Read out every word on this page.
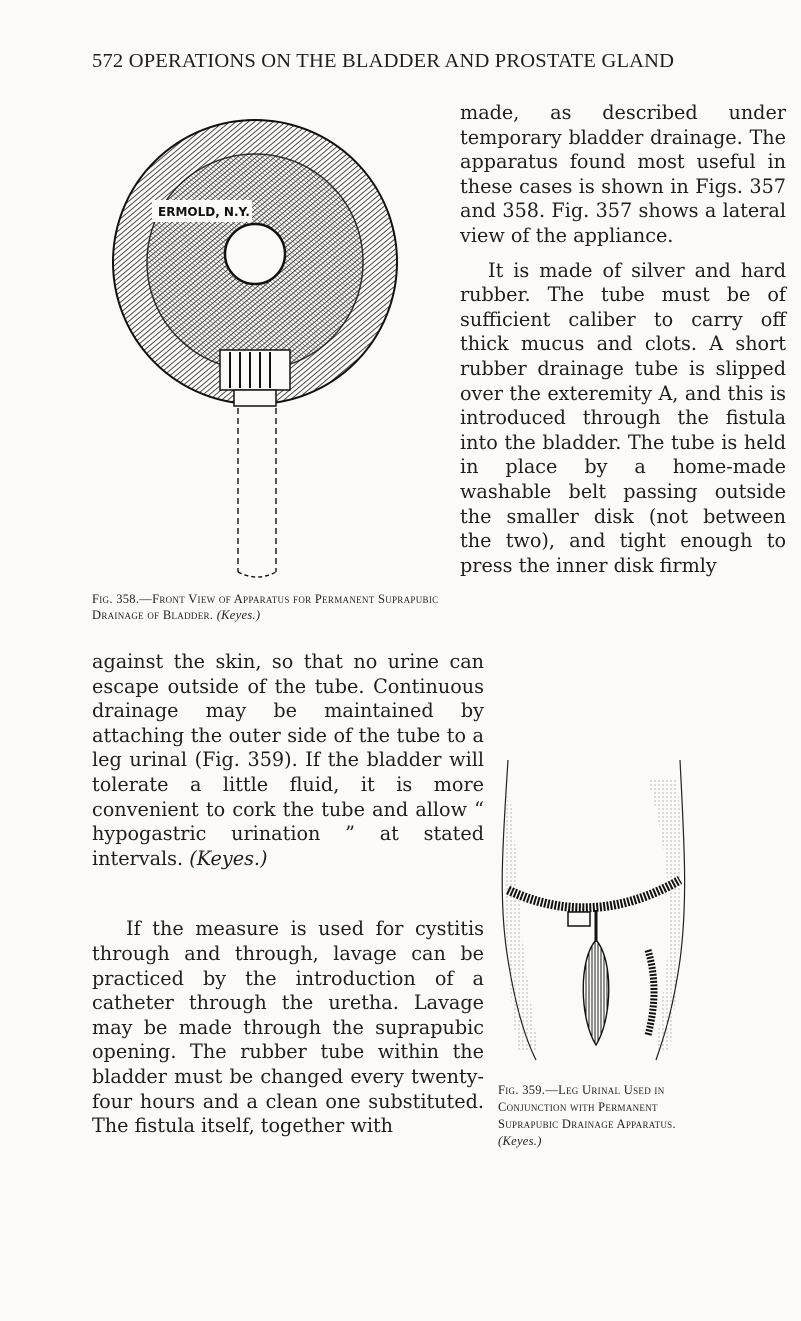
572 OPERATIONS ON THE BLADDER AND PROSTATE GLAND
ERMOLD, N.Y.
Fig. 358.—Front View of Apparatus for Permanent Suprapubic Drainage of Bladder. (Keyes.)

made, as described under temporary bladder drainage. The apparatus found most useful in these cases is shown in Figs. 357 and 358. Fig. 357 shows a lateral view of the appliance.

It is made of silver and hard rubber. The tube must be of sufficient caliber to carry off thick mucus and clots. A short rubber drainage tube is slipped over the exteremity A, and this is introduced through the fistula into the bladder. The tube is held in place by a home-made washable belt passing outside the smaller disk (not between the two), and tight enough to press the inner disk firmly

against the skin, so that no urine can escape outside of the tube. Continuous drainage may be maintained by attaching the outer side of the tube to a leg urinal (Fig. 359). If the bladder will tolerate a little fluid, it is more convenient to cork the tube and allow “ hypogastric urination ” at stated intervals. (Keyes.)

If the measure is used for cystitis through and through, lavage can be practiced by the introduction of a catheter through the uretha. Lavage may be made through the suprapubic opening. The rubber tube within the bladder must be changed every twenty-four hours and a clean one substituted. The fistula itself, together with

Fig. 359.—Leg Urinal Used in Conjunction with Permanent Suprapubic Drainage Apparatus. (Keyes.)
